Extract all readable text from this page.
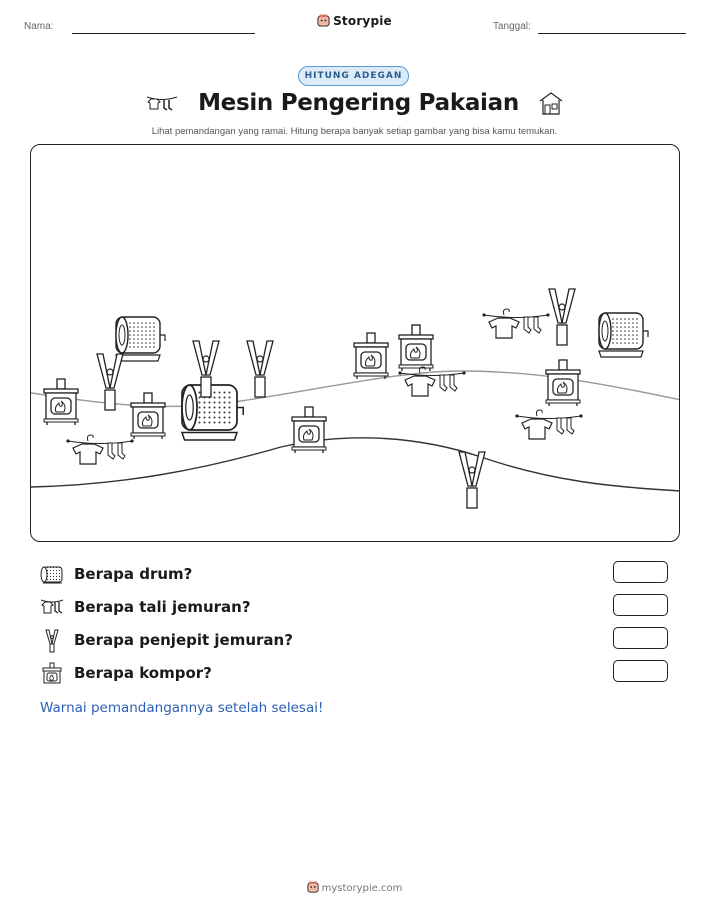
Nama:	Storypie	Tanggal:
HITUNG ADEGAN
Mesin Pengering Pakaian
Lihat pemandangan yang ramai. Hitung berapa banyak setiap gambar yang bisa kamu temukan.
Berapa drum?
Berapa tali jemuran?
Berapa penjepit jemuran?
Berapa kompor?
Warnai pemandangannya setelah selesai!
mystorypie.com
